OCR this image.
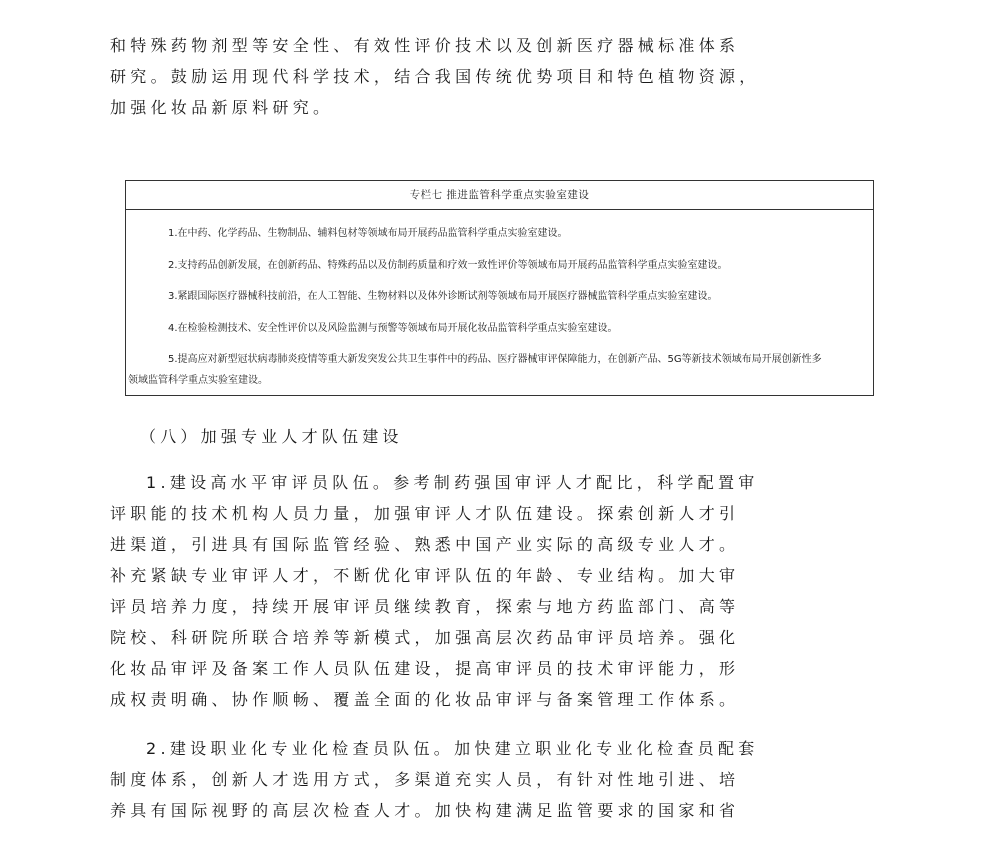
和特殊药物剂型等安全性、有效性评价技术以及创新医疗器械标准体系
研究。鼓励运用现代科学技术，结合我国传统优势项目和特色植物资源，
加强化妆品新原料研究。
专栏七 推进监管科学重点实验室建设
1.在中药、化学药品、生物制品、辅料包材等领域布局开展药品监管科学重点实验室建设。
2.支持药品创新发展，在创新药品、特殊药品以及仿制药质量和疗效一致性评价等领域布局开展药品监管科学重点实验室建设。
3.紧跟国际医疗器械科技前沿，在人工智能、生物材料以及体外诊断试剂等领域布局开展医疗器械监管科学重点实验室建设。
4.在检验检测技术、安全性评价以及风险监测与预警等领域布局开展化妆品监管科学重点实验室建设。
5.提高应对新型冠状病毒肺炎疫情等重大新发突发公共卫生事件中的药品、医疗器械审评保障能力，在创新产品、5G等新技术领域布局开展创新性多
领域监管科学重点实验室建设。
（八）加强专业人才队伍建设
1.建设高水平审评员队伍。参考制药强国审评人才配比，科学配置审
评职能的技术机构人员力量，加强审评人才队伍建设。探索创新人才引
进渠道，引进具有国际监管经验、熟悉中国产业实际的高级专业人才。
补充紧缺专业审评人才，不断优化审评队伍的年龄、专业结构。加大审
评员培养力度，持续开展审评员继续教育，探索与地方药监部门、高等
院校、科研院所联合培养等新模式，加强高层次药品审评员培养。强化
化妆品审评及备案工作人员队伍建设，提高审评员的技术审评能力，形
成权责明确、协作顺畅、覆盖全面的化妆品审评与备案管理工作体系。
2.建设职业化专业化检查员队伍。加快建立职业化专业化检查员配套
制度体系，创新人才选用方式，多渠道充实人员，有针对性地引进、培
养具有国际视野的高层次检查人才。加快构建满足监管要求的国家和省
